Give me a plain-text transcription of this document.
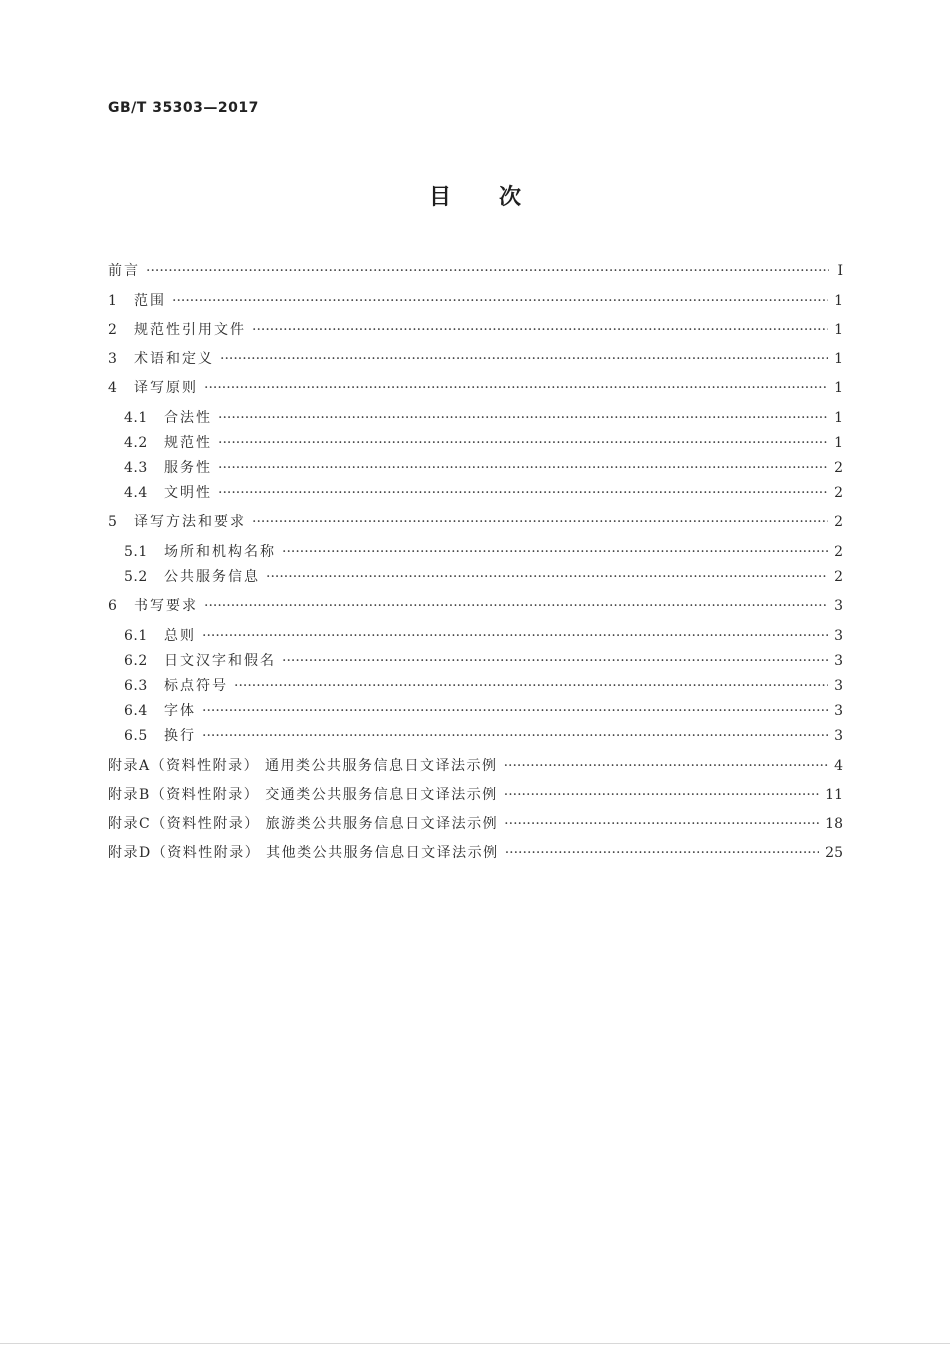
GB/T 35303—2017
目次
前言 ·····	Ⅰ
1	范围 ·····	1
2	规范性引用文件 ·····	1
3	术语和定义 ·····	1
4	译写原则 ·····	1
4.1	合法性 ·····	1
4.2	规范性 ·····	1
4.3	服务性 ·····	2
4.4	文明性 ·····	2
5	译写方法和要求 ·····	2
5.1	场所和机构名称 ·····	2
5.2	公共服务信息 ·····	2
6	书写要求 ·····	3
6.1	总则 ·····	3
6.2	日文汉字和假名 ·····	3
6.3	标点符号 ·····	3
6.4	字体 ·····	3
6.5	换行 ·····	3
附录A（资料性附录） 通用类公共服务信息日文译法示例 ·····	4
附录B（资料性附录） 交通类公共服务信息日文译法示例 ·····	11
附录C（资料性附录） 旅游类公共服务信息日文译法示例 ·····	18
附录D（资料性附录） 其他类公共服务信息日文译法示例 ·····	25
